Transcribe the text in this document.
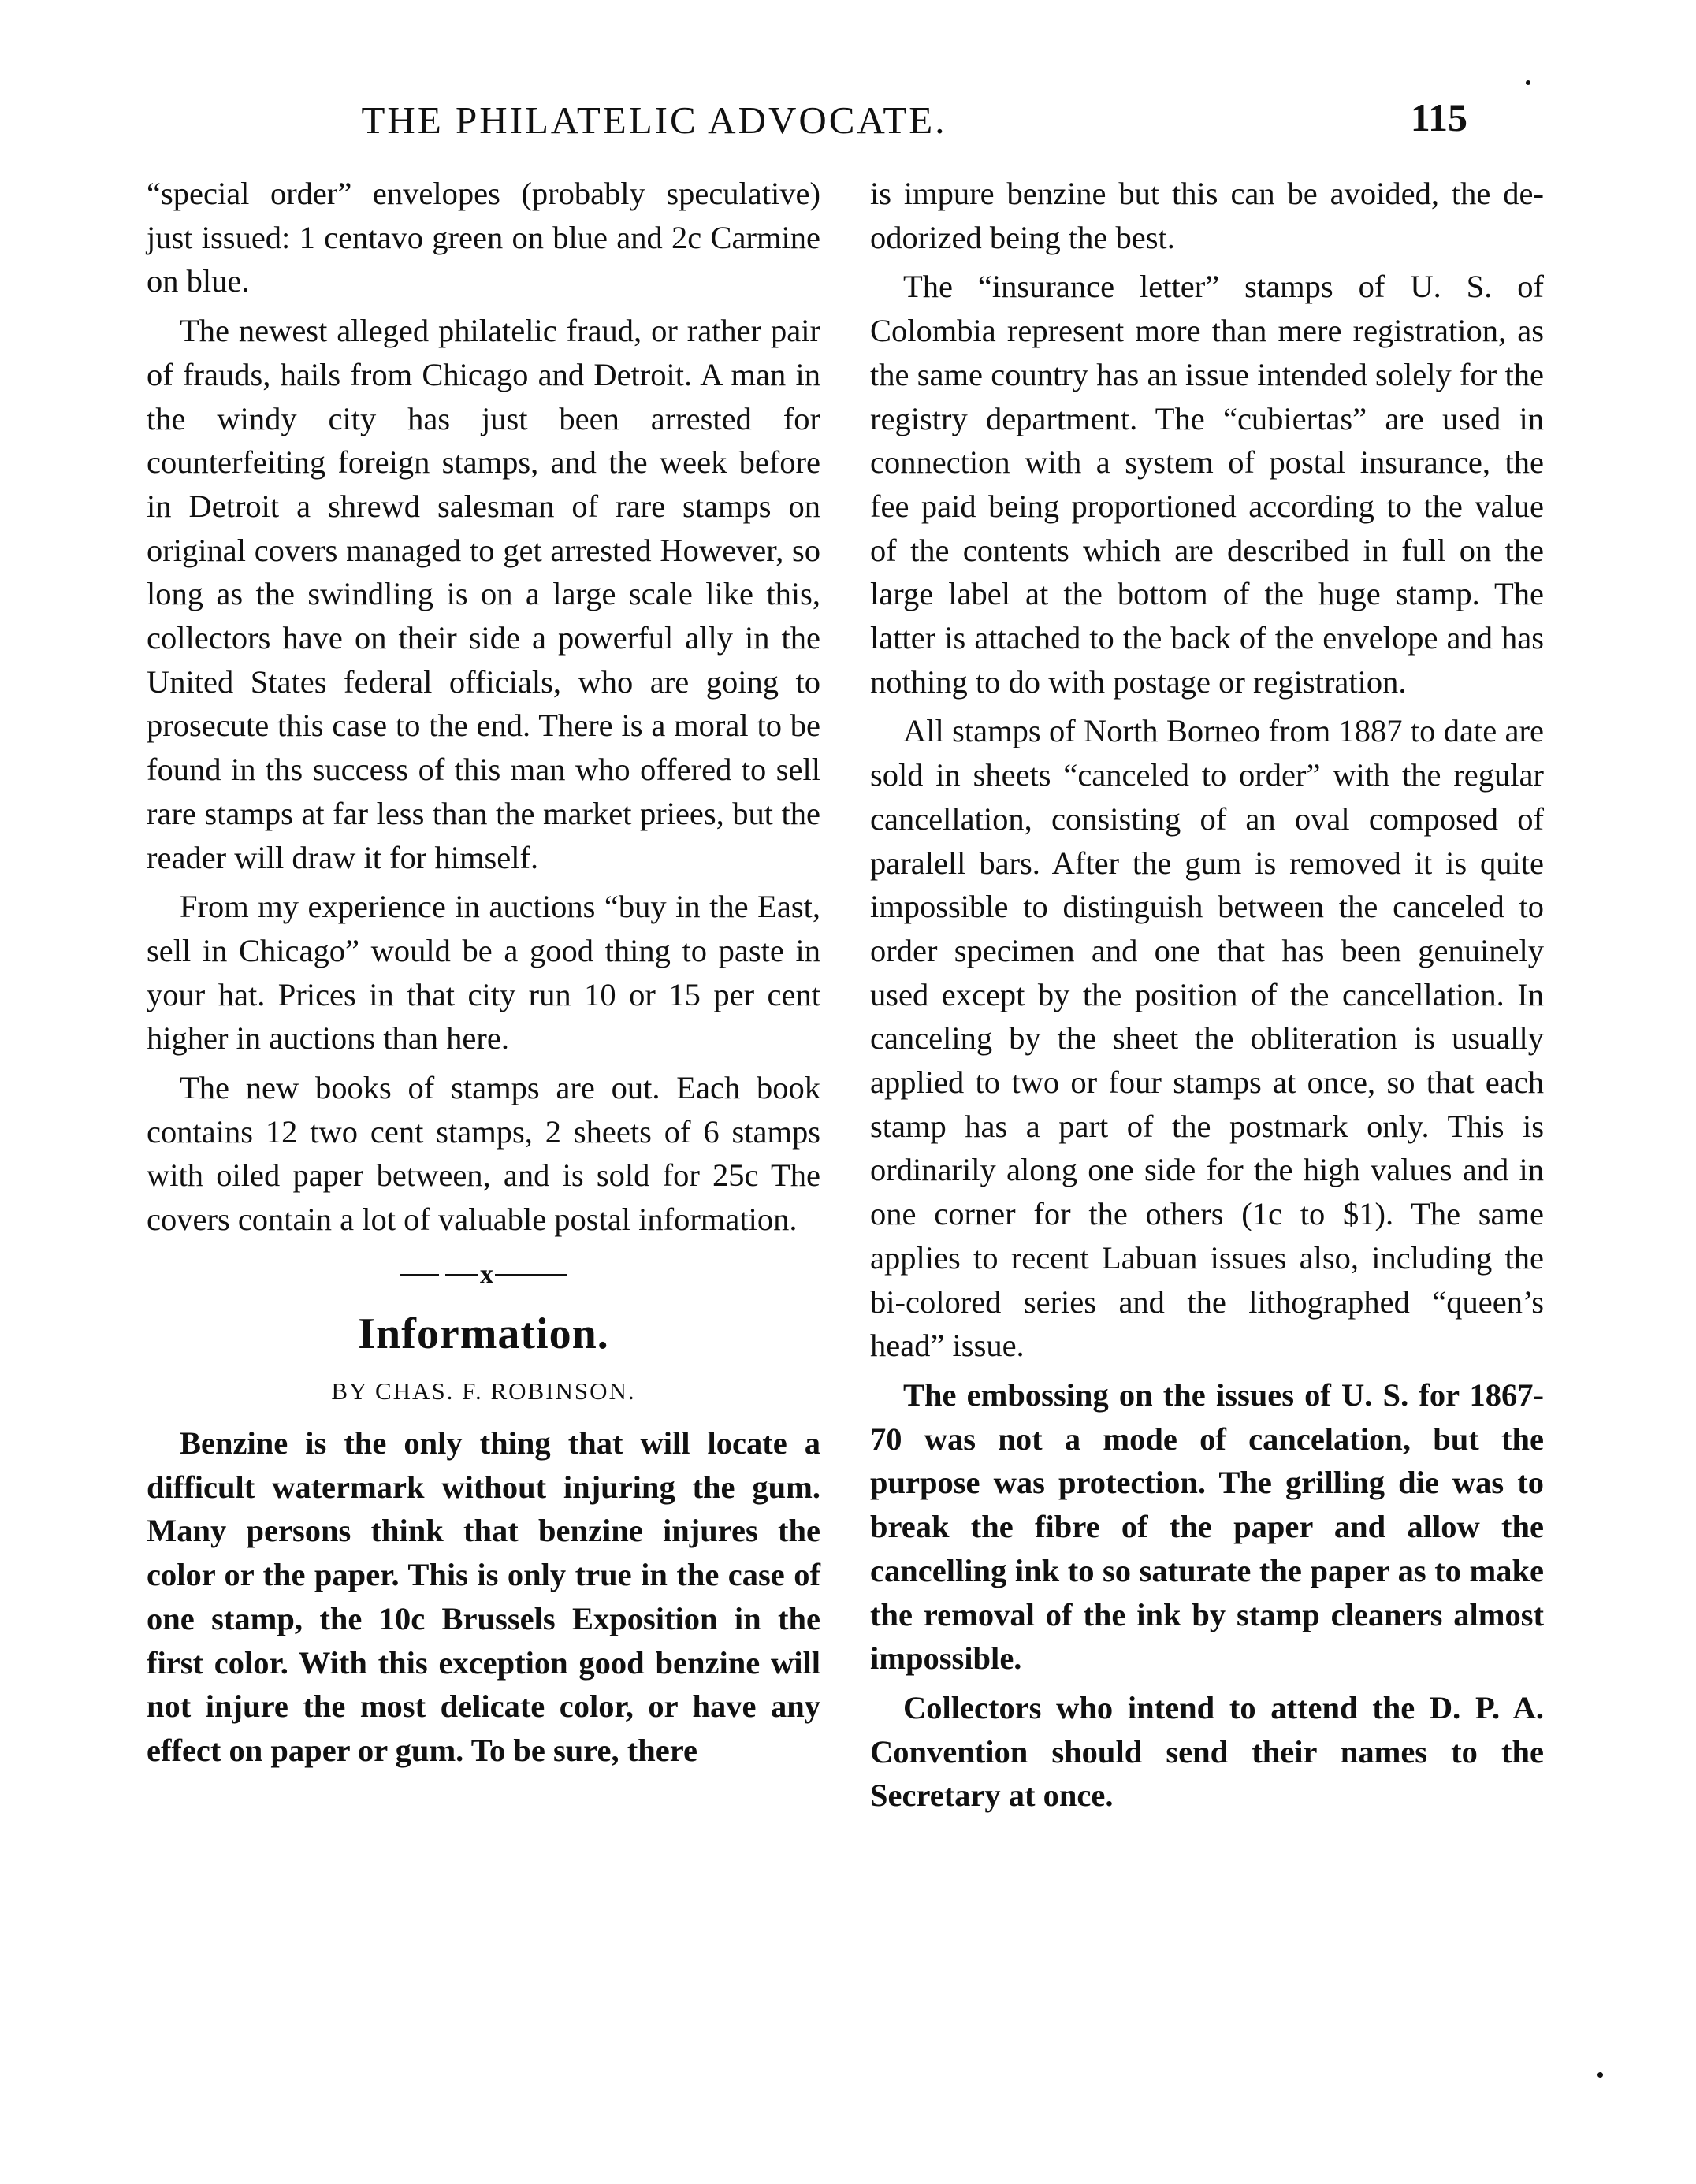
THE PHILATELIC ADVOCATE.	115

“special order” envelopes (probably speculative) just issued: 1 centavo green on blue and 2c Carmine on blue.

The newest alleged philatelic fraud, or rather pair of frauds, hails from Chicago and Detroit. A man in the windy city has just been arrested for counterfeiting foreign stamps, and the week before in Detroit a shrewd salesman of rare stamps on original covers managed to get arrested However, so long as the swindling is on a large scale like this, collectors have on their side a powerful ally in the United States federal officials, who are going to prosecute this case to the end. There is a moral to be found in ths success of this man who offered to sell rare stamps at far less than the market priees, but the reader will draw it for himself.

From my experience in auctions “buy in the East, sell in Chicago” would be a good thing to paste in your hat. Prices in that city run 10 or 15 per cent higher in auctions than here.

The new books of stamps are out. Each book contains 12 two cent stamps, 2 sheets of 6 stamps with oiled paper between, and is sold for 25c The covers contain a lot of valuable postal information.

x
Information.
BY CHAS. F. ROBINSON.

Benzine is the only thing that will locate a difficult watermark without injuring the gum. Many persons think that benzine injures the color or the paper. This is only true in the case of one stamp, the 10c Brussels Exposition in the first color. With this exception good benzine will not injure the most delicate color, or have any effect on paper or gum. To be sure, there

is impure benzine but this can be avoided, the de-odorized being the best.

The “insurance letter” stamps of U. S. of Colombia represent more than mere registration, as the same country has an issue intended solely for the registry department. The “cubiertas” are used in connection with a system of postal insurance, the fee paid being proportioned according to the value of the contents which are described in full on the large label at the bottom of the huge stamp. The latter is attached to the back of the envelope and has nothing to do with postage or registration.

All stamps of North Borneo from 1887 to date are sold in sheets “canceled to order” with the regular cancellation, consisting of an oval composed of paralell bars. After the gum is removed it is quite impossible to distinguish between the canceled to order specimen and one that has been genuinely used except by the position of the cancellation. In canceling by the sheet the obliteration is usually applied to two or four stamps at once, so that each stamp has a part of the postmark only. This is ordinarily along one side for the high values and in one corner for the others (1c to $1). The same applies to recent Labuan issues also, including the bi-colored series and the lithographed “queen’s head” issue.

The embossing on the issues of U. S. for 1867-70 was not a mode of cancelation, but the purpose was protection. The grilling die was to break the fibre of the paper and allow the cancelling ink to so saturate the paper as to make the removal of the ink by stamp cleaners almost impossible.

Collectors who intend to attend the D. P. A. Convention should send their names to the Secretary at once.
